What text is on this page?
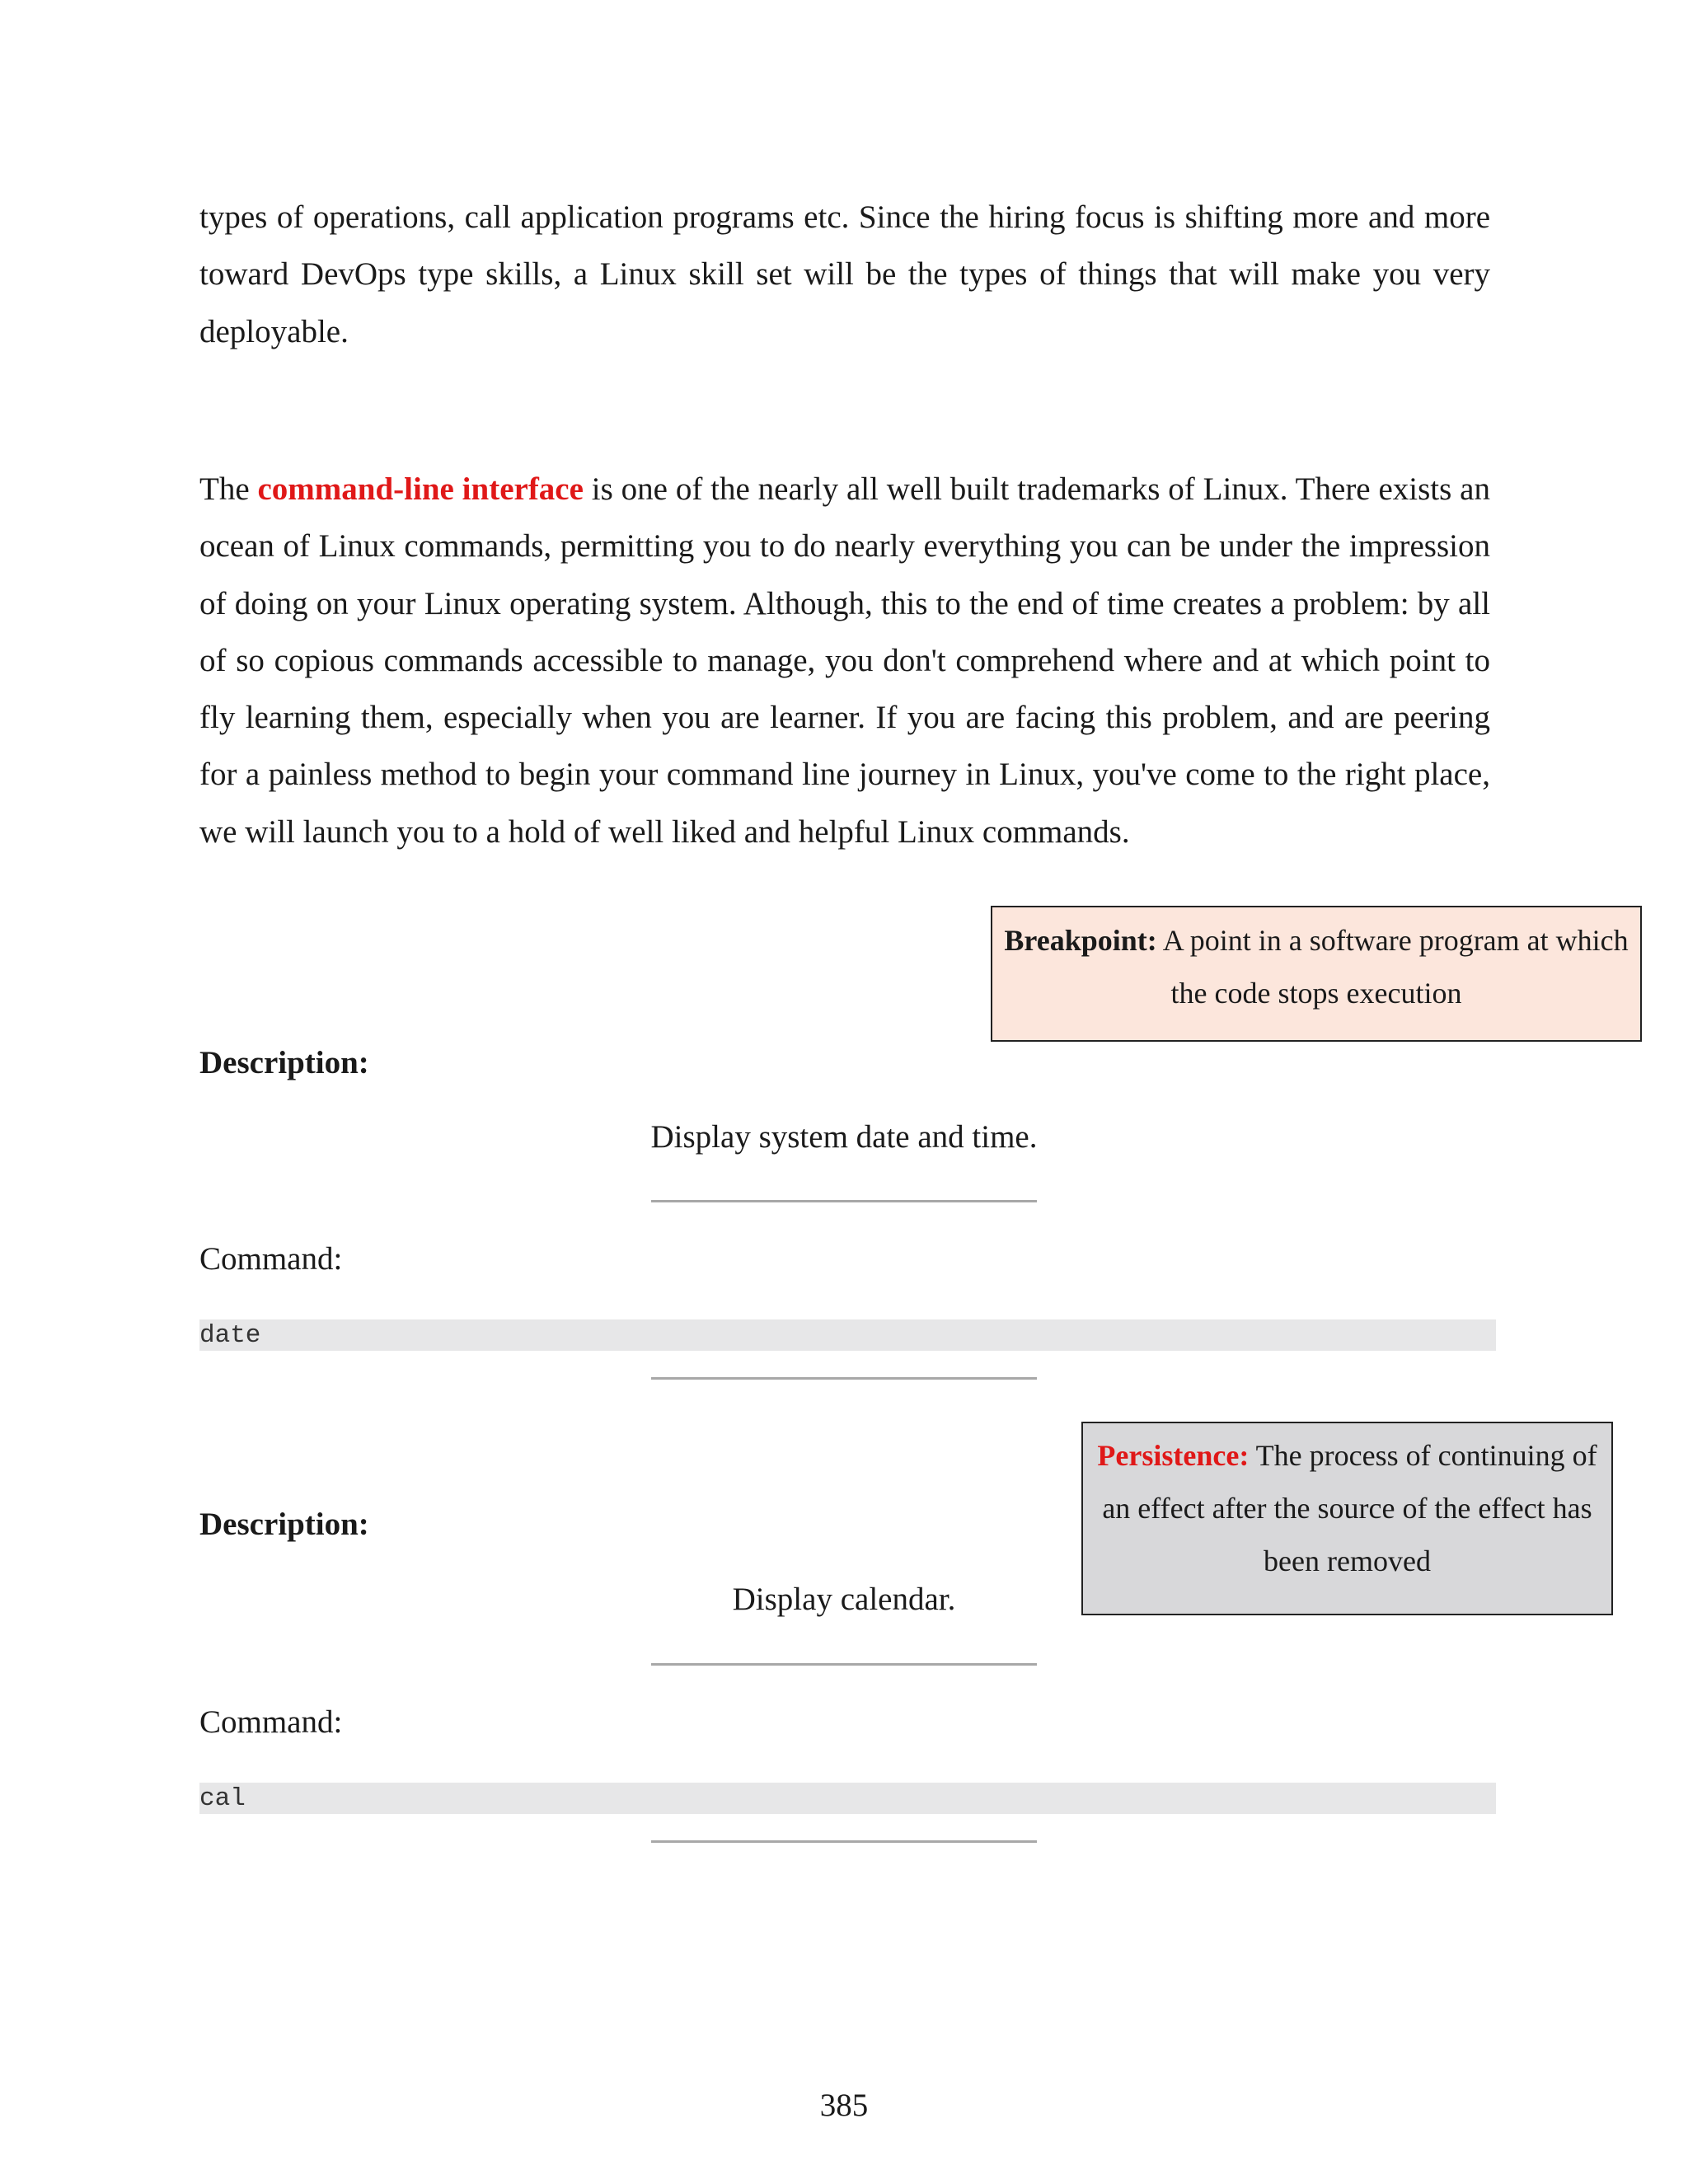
types of operations, call application programs etc. Since the hiring focus is shifting more and more toward DevOps type skills, a Linux skill set will be the types of things that will make you very deployable.

The command-line interface is one of the nearly all well built trademarks of Linux. There exists an ocean of Linux commands, permitting you to do nearly everything you can be under the impression of doing on your Linux operating system. Although, this to the end of time creates a problem: by all of so copious commands accessible to manage, you don't comprehend where and at which point to fly learning them, especially when you are learner. If you are facing this problem, and are peering for a painless method to begin your command line journey in Linux, you've come to the right place, we will launch you to a hold of well liked and helpful Linux commands.

Breakpoint: A point in a software program at which the code stops execution
Description:
Display system date and time.
Command:
date
Persistence: The process of continuing of an effect after the source of the effect has been removed
Description:
Display calendar.
Command:
cal
385
